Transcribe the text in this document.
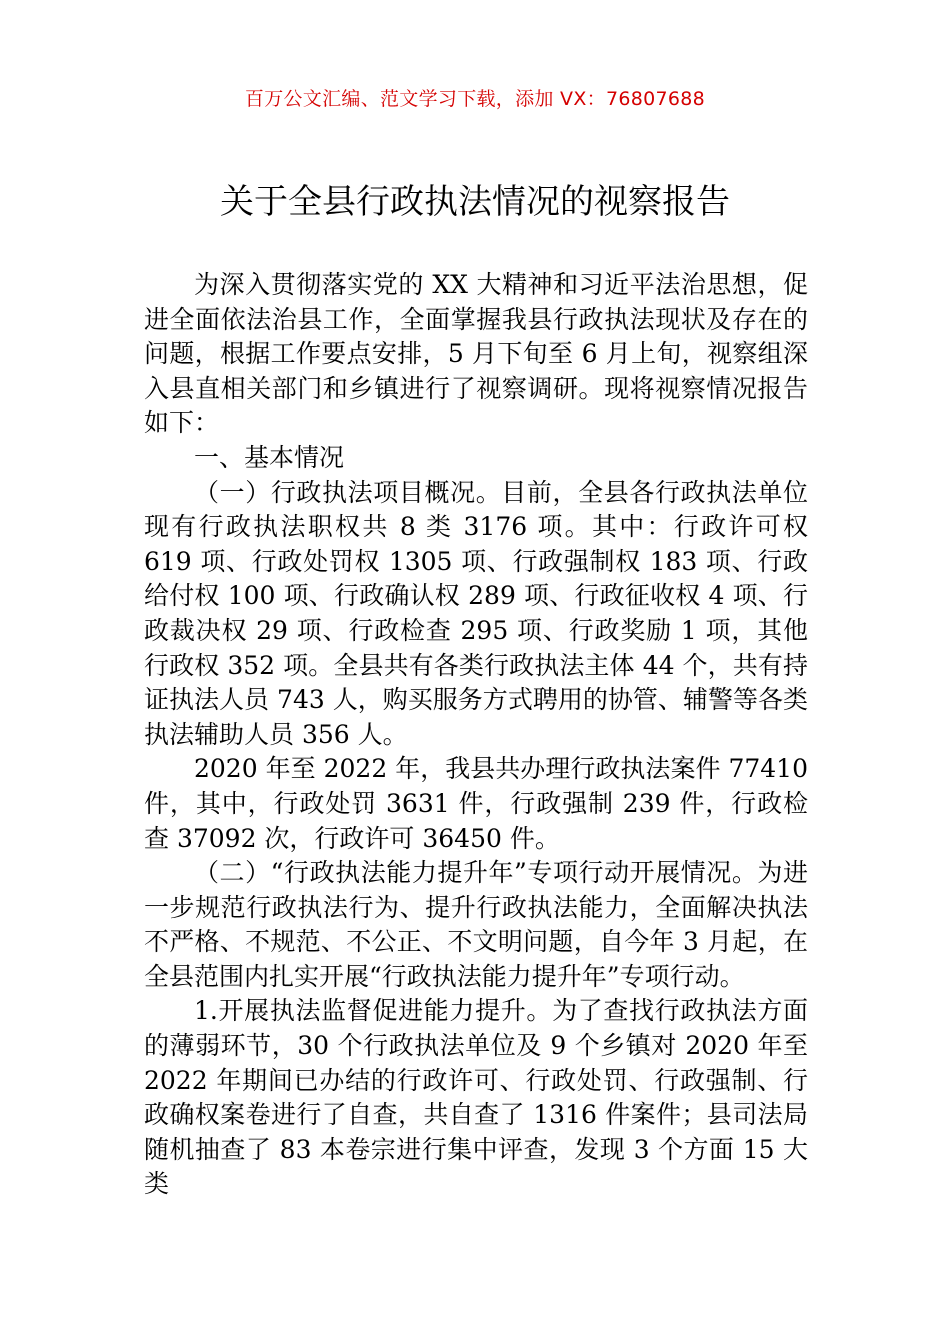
百万公文汇编、范文学习下载，添加 VX：76807688
关于全县行政执法情况的视察报告

为深入贯彻落实党的 XX 大精神和习近平法治思想，促进全面依法治县工作，全面掌握我县行政执法现状及存在的问题，根据工作要点安排，5 月下旬至 6 月上旬，视察组深入县直相关部门和乡镇进行了视察调研。现将视察情况报告如下：

一、基本情况

（一）行政执法项目概况。目前，全县各行政执法单位现有行政执法职权共 8 类 3176 项。其中：行政许可权 619 项、行政处罚权 1305 项、行政强制权 183 项、行政给付权 100 项、行政确认权 289 项、行政征收权 4 项、行政裁决权 29 项、行政检查 295 项、行政奖励 1 项，其他行政权 352 项。全县共有各类行政执法主体 44 个，共有持证执法人员 743 人，购买服务方式聘用的协管、辅警等各类执法辅助人员 356 人。

2020 年至 2022 年，我县共办理行政执法案件 77410 件，其中，行政处罚 3631 件，行政强制 239 件，行政检查 37092 次，行政许可 36450 件。

（二）“行政执法能力提升年”专项行动开展情况。为进一步规范行政执法行为、提升行政执法能力，全面解决执法不严格、不规范、不公正、不文明问题，自今年 3 月起，在全县范围内扎实开展“行政执法能力提升年”专项行动。

1.开展执法监督促进能力提升。为了查找行政执法方面的薄弱环节，30 个行政执法单位及 9 个乡镇对 2020 年至 2022 年期间已办结的行政许可、行政处罚、行政强制、行政确权案卷进行了自查，共自查了 1316 件案件；县司法局随机抽查了 83 本卷宗进行集中评查，发现 3 个方面 15 大类
